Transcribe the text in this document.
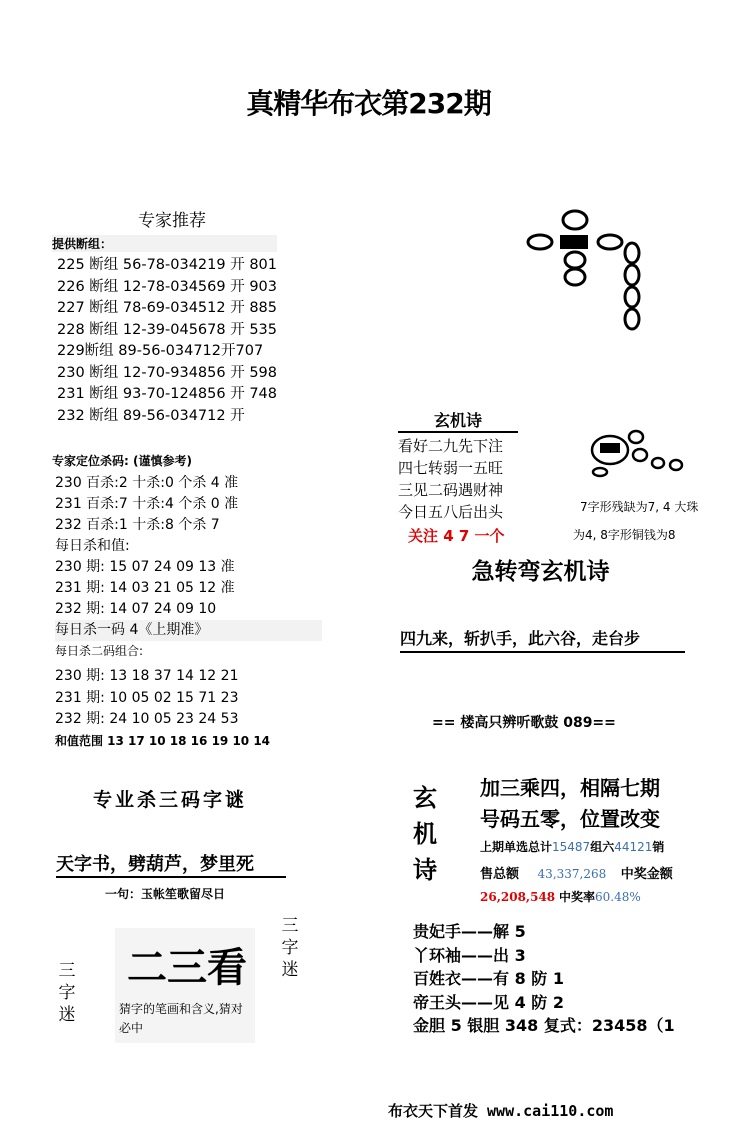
真精华布衣第232期
专家推荐
提供断组：
225 断组 56-78-034219 开 801
226 断组 12-78-034569 开 903
227 断组 78-69-034512 开 885
228 断组 12-39-045678 开 535
229断组 89-56-034712开707
230 断组 12-70-934856 开 598
231 断组 93-70-124856 开 748
232 断组 89-56-034712 开
专家定位杀码: (谨慎参考)
230 百杀:2 十杀:0 个杀 4 准
231 百杀:7 十杀:4 个杀 0 准
232 百杀:1 十杀:8 个杀 7
每日杀和值:
230 期: 15 07 24 09 13 准
231 期: 14 03 21 05 12 准
232 期: 14 07 24 09 10
每日杀一码 4《上期准》
每日杀二码组合:
230 期: 13 18 37 14 12 21
231 期: 10 05 02 15 71 23
232 期: 24 10 05 23 24 53
和值范围 13 17 10 18 16 19 10 14
玄机诗
看好二九先下注
四七转弱一五旺
三见二码遇财神
今日五八后出头
关注 4 7 一个
7字形残缺为7, 4 大珠
为4, 8字形铜钱为8
急转弯玄机诗
四九来，斩扒手，此六谷，走台步
== 楼高只辨听歌鼓 089==
玄机诗
加三乘四，相隔七期
号码五零，位置改变
上期单选总计15487组六44121销
售总额 43,337,268 中奖金额
26,208,548 中奖率60.48%
贵妃手——解 5
丫环袖——出 3
百姓衣——有 8 防 1
帝王头——见 4 防 2
金胆 5 银胆 348 复式：23458（1
专业杀三码字谜
天字书，劈葫芦，梦里死
一句：玉帐笙歌留尽日
三字迷
三字迷
二三看
猜字的笔画和含义,猜对必中
布衣天下首发 www.cai110.com
